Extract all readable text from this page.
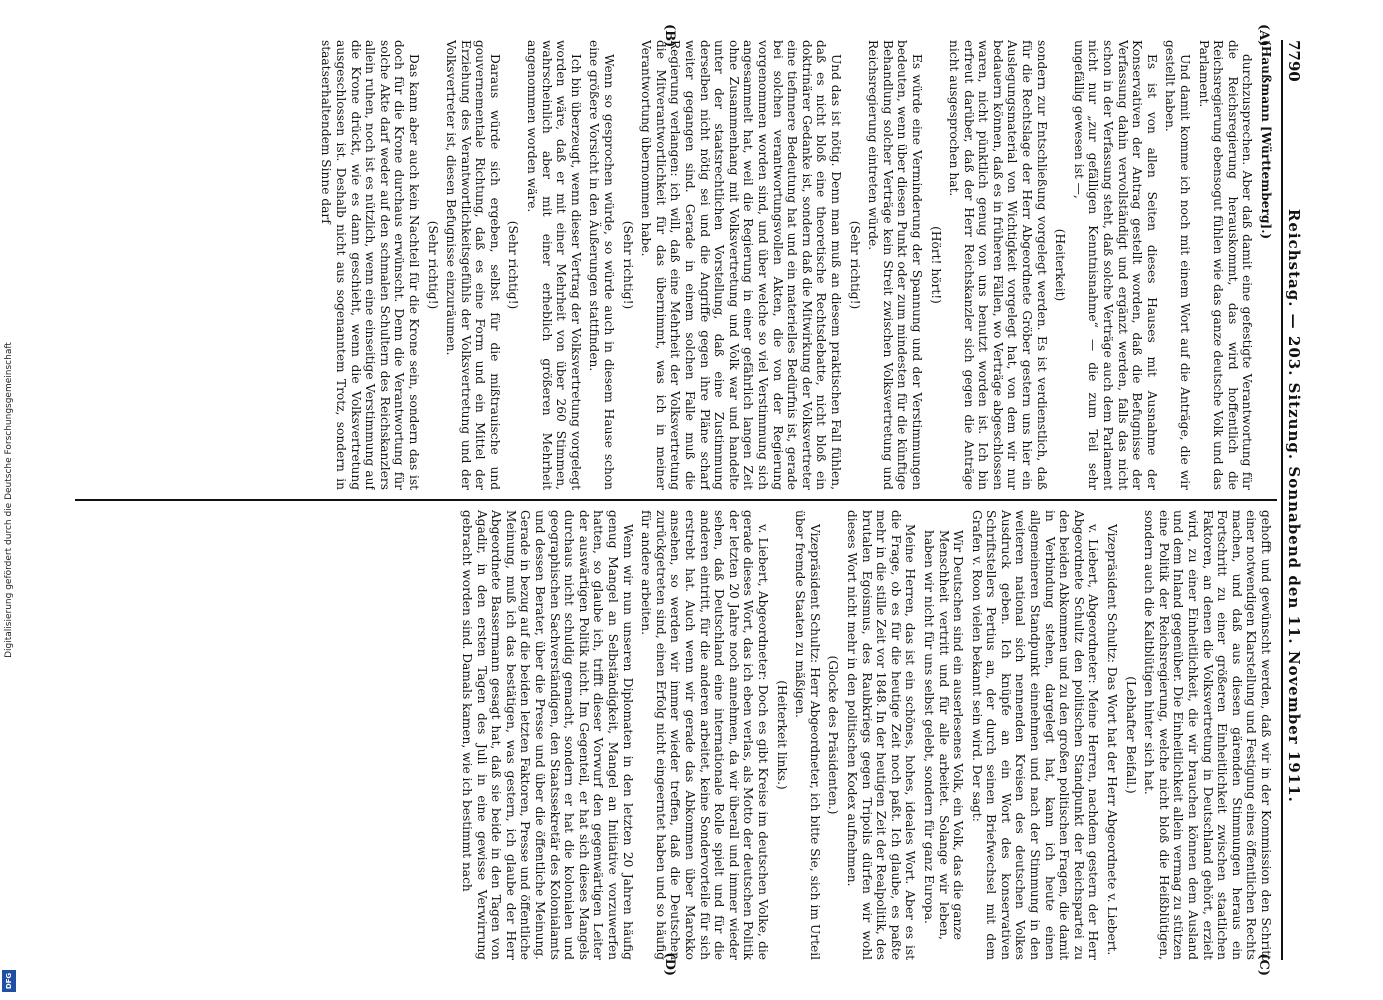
7790
Reichstag. — 203. Sitzung. Sonnabend den 11. November 1911.
(A)
(B)
(C)
(D)

(Haußmann [Württemberg].)

durchzusprechen. Aber daß damit eine gefestigte Verantwortung für die Reichsregierung herauskommt, das wird hoffentlich die Reichsregierung ebensogut fühlen wie das ganze deutsche Volk und das Parlament.

Und damit komme ich noch mit einem Wort auf die Anträge, die wir gestellt haben.

Es ist von allen Seiten dieses Hauses mit Ausnahme der Konservativen der Antrag gestellt worden, daß die Befugnisse der Verfassung dahin vervollständigt und ergänzt werden, falls das nicht schon in der Verfassung steht, daß solche Verträge auch dem Parlament nicht nur „zur gefälligen Kenntnisnahme“ — die zum Teil sehr ungefällig gewesen ist —,

(Heiterkeit)

sondern zur Entschließung vorgelegt werden. Es ist verdienstlich, daß für die Rechtslage der Herr Abgeordnete Gröber gestern uns hier ein Auslegungsmaterial von Wichtigkeit vorgelegt hat, von dem wir nur bedauern können, daß es in früheren Fällen, wo Verträge abgeschlossen waren, nicht pünktlich genug von uns benutzt worden ist. Ich bin erfreut darüber, daß der Herr Reichskanzler sich gegen die Anträge nicht ausgesprochen hat.

(Hört! hört!)

Es würde eine Verminderung der Spannung und der Verstimmungen bedeuten, wenn über diesen Punkt oder zum mindesten für die künftige Behandlung solcher Verträge kein Streit zwischen Volksvertretung und Reichsregierung eintreten würde.

(Sehr richtig!)

Und das ist nötig. Denn man muß an diesem praktischen Fall fühlen, daß es nicht bloß eine theoretische Rechtsdebatte, nicht bloß ein doktrinärer Gedanke ist, sondern daß die Mitwirkung der Volksvertreter eine tiefinnere Bedeutung hat und ein materielles Bedürfnis ist, gerade bei solchen verantwortungsvollen Akten, die von der Regierung vorgenommen worden sind, und über welche so viel Verstimmung sich angesammelt hat, weil die Regierung in einer gefährlich langen Zeit ohne Zusammenhang mit Volksvertretung und Volk war und handelte unter der staatsrechtlichen Vorstellung, daß eine Zustimmung derselben nicht nötig sei und die Angriffe gegen ihre Pläne scharf weiter gegangen sind. Gerade in einem solchen Falle muß die Regierung verlangen: ich will, daß eine Mehrheit der Volksvertretung die Mitverantwortlichkeit für das übernimmt, was ich in meiner Verantwortung übernommen habe.

(Sehr richtig!)

Wenn so gesprochen würde, so würde auch in diesem Hause schon eine größere Vorsicht in den Äußerungen stattfinden.

Ich bin überzeugt, wenn dieser Vertrag der Volksvertretung vorgelegt worden wäre, daß er mit einer Mehrheit von über 260 Stimmen, wahrscheinlich aber mit einer erheblich größeren Mehrheit angenommen worden wäre.

(Sehr richtig!)

Daraus würde sich ergeben, selbst für die mißtrauische und gouvernementale Richtung, daß es eine Form und ein Mittel der Erziehung des Verantwortlichkeitsgefühls der Volksvertretung und der Volksvertreter ist, diesen Befugnisse einzuräumen.

(Sehr richtig!)

Das kann aber auch kein Nachteil für die Krone sein, sondern das ist doch für die Krone durchaus erwünscht. Denn die Verantwortung für solche Akte darf weder auf den schmalen Schultern des Reichskanzlers allein ruhen, noch ist es nützlich, wenn eine einseitige Verstimmung auf die Krone drückt, wie es dann geschieht, wenn die Volksvertretung ausgeschlossen ist. Deshalb nicht aus sogenanntem Trotz, sondern in staatserhaltendem Sinne darf

gehofft und gewünscht werden, daß wir in der Kommission den Schritt einer notwendigen Klarstellung und Festigung eines öffentlichen Rechts machen, und daß aus diesen gärenden Stimmungen heraus ein Fortschritt zu einer größeren Einheitlichkeit zwischen staatlichen Faktoren, an denen die Volksvertretung in Deutschland gehört, erzielt wird, zu einer Einheitlichkeit, die wir brauchen können dem Ausland und dem Inland gegenüber. Die Einheitlichkeit allein vermag zu stützen eine Politik der Reichsregierung, welche nicht bloß die Heißblütigen, sondern auch die Kaltblütigen hinter sich hat.

(Lebhafter Beifall.)

Vizepräsident Schultz: Das Wort hat der Herr Abgeordnete v. Liebert.

v. Liebert, Abgeordneter: Meine Herren, nachdem gestern der Herr Abgeordnete Schultz den politischen Standpunkt der Reichspartei zu den beiden Abkommen und zu den großen politischen Fragen, die damit in Verbindung stehen, dargelegt hat, kann ich heute einen allgemeineren Standpunkt einnehmen und nach der Stimmung in den weiteren national sich nennenden Kreisen des deutschen Volkes Ausdruck geben. Ich knüpfe an ein Wort des konservativen Schriftstellers Pertius an, der durch seinen Briefwechsel mit dem Grafen v. Roon vielen bekannt sein wird. Der sagt:

Wir Deutschen sind ein auserlesenes Volk, ein Volk, das die ganze Menschheit vertritt und für alle arbeitet. Solange wir leben, haben wir nicht für uns selbst gelebt, sondern für ganz Europa.

Meine Herren, das ist ein schönes, hohes, ideales Wort. Aber es ist die Frage, ob es für die heutige Zeit noch paßt. Ich glaube, es paßte mehr in die stille Zeit vor 1848. In der heutigen Zeit der Realpolitik, des brutalen Egoismus, des Raubkriegs gegen Tripolis dürfen wir wohl dieses Wort nicht mehr in den politischen Kodex aufnehmen.

(Glocke des Präsidenten.)

Vizepräsident Schultz: Herr Abgeordneter, ich bitte Sie, sich im Urteil über fremde Staaten zu mäßigen.

(Heiterkeit links.)

v. Liebert, Abgeordneter: Doch es gibt Kreise im deutschen Volke, die gerade dieses Wort, das ich eben verlas, als Motto der deutschen Politik der letzten 20 Jahre noch annehmen, da wir überall und immer wieder sehen, daß Deutschland eine internationale Rolle spielt und für die anderen eintritt, für die anderen arbeitet, keine Sondervorteile für sich erstrebt hat. Auch wenn wir gerade das Abkommen über Marokko ansehen, so werden wir immer wieder treffen, daß die Deutschen zurückgetreten sind, einen Erfolg nicht eingeerntet haben und so häufig für andere arbeiten.

Wenn wir nun unseren Diplomaten in den letzten 20 Jahren häufig genug Mangel an Selbständigkeit, Mangel an Initiative vorzuwerfen hatten, so glaube ich, trifft dieser Vorwurf den gegenwärtigen Leiter der auswärtigen Politik nicht. Im Gegenteil, er hat sich dieses Mangels durchaus nicht schuldig gemacht, sondern er hat die kolonialen und geographischen Sachverständigen, den Staatssekretär des Kolonialamts und dessen Berater, über die Presse und über die öffentliche Meinung. Gerade in bezug auf die beiden letzten Faktoren, Presse und öffentliche Meinung, muß ich das bestätigen, was gestern, ich glaube der Herr Abgeordnete Bassermann gesagt hat, daß sie beide in den Tagen von Agadir, in den ersten Tagen des Juli in eine gewisse Verwirrung gebracht worden sind. Damals kamen, wie ich bestimmt nach

Digitalisierung gefördert durch die Deutsche Forschungsgemeinschaft
DFG
